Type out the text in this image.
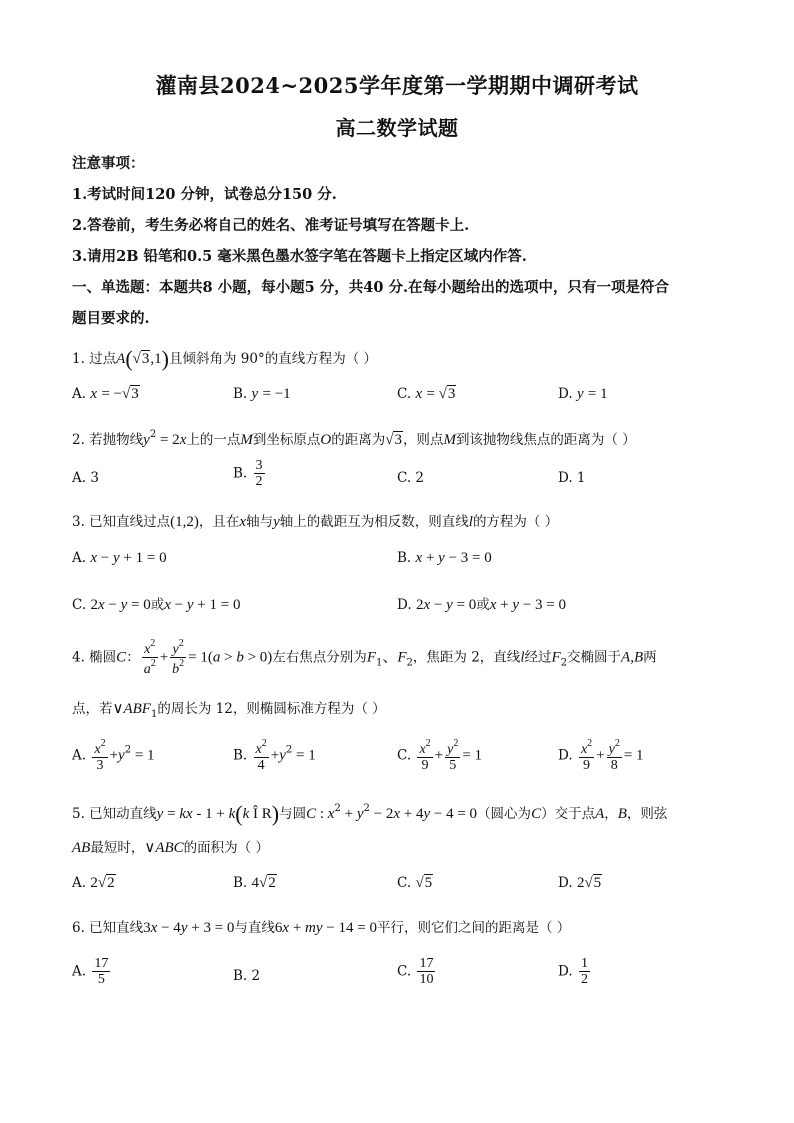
灌南县2024~2025学年度第一学期期中调研考试
高二数学试题
注意事项：
1.考试时间120 分钟，试卷总分150 分.
2.答卷前，考生务必将自己的姓名、准考证号填写在答题卡上.
3.请用2B 铅笔和0.5 毫米黑色墨水签字笔在答题卡上指定区域内作答.
一、单选题：本题共8 小题，每小题5 分，共40 分.在每小题给出的选项中，只有一项是符合
题目要求的.
1. 过点A(√3,1)且倾斜角为 90°的直线方程为（ ）
A. x = −√3	B. y = −1	C. x = √3	D. y = 1
2. 若抛物线$y^2 = 2x$上的一点M到坐标原点O的距离为√3，则点M到该抛物线焦点的距离为（ ）
A. 3	B. $\frac{3}{2}$	C. 2	D. 1
3. 已知直线过点(1,2)，且在x轴与y轴上的截距互为相反数，则直线l的方程为（ ）
A. x − y + 1 = 0	B. x + y − 3 = 0
C. 2x − y = 0或x − y + 1 = 0	D. 2x − y = 0或x + y − 3 = 0
4. 椭圆C： $\frac{x^2}{a^2} + \frac{y^2}{b^2} = 1(a > b > 0)$左右焦点分别为$F_1$、$F_2$，焦距为 2，直线l经过$F_2$交椭圆于A,B两
点，若$\vee ABF_1$的周长为 12，则椭圆标准方程为（ ）
A. $\frac{x^2}{3} +y^2 = 1$	B. $\frac{x^2}{4} +y^2 = 1$	C. $\frac{x^2}{9} + \frac{y^2}{5} = 1$	D. $\frac{x^2}{9} + \frac{y^2}{8} = 1$
5. 已知动直线y = kx - 1 + k(k Î R)与圆C : $x^2 + y^2 - 2x + 4y - 4 = 0$（圆心为C）交于点A，B，则弦
AB最短时，∨ABC的面积为（ ）
A. 2√2	B. 4√2	C. √5	D. 2√5
6. 已知直线3x − 4y + 3 = 0与直线6x + my − 14 = 0平行，则它们之间的距离是（ ）
A. $\frac{17}{5}$	B. 2	C. $\frac{17}{10}$	D. $\frac{1}{2}$
